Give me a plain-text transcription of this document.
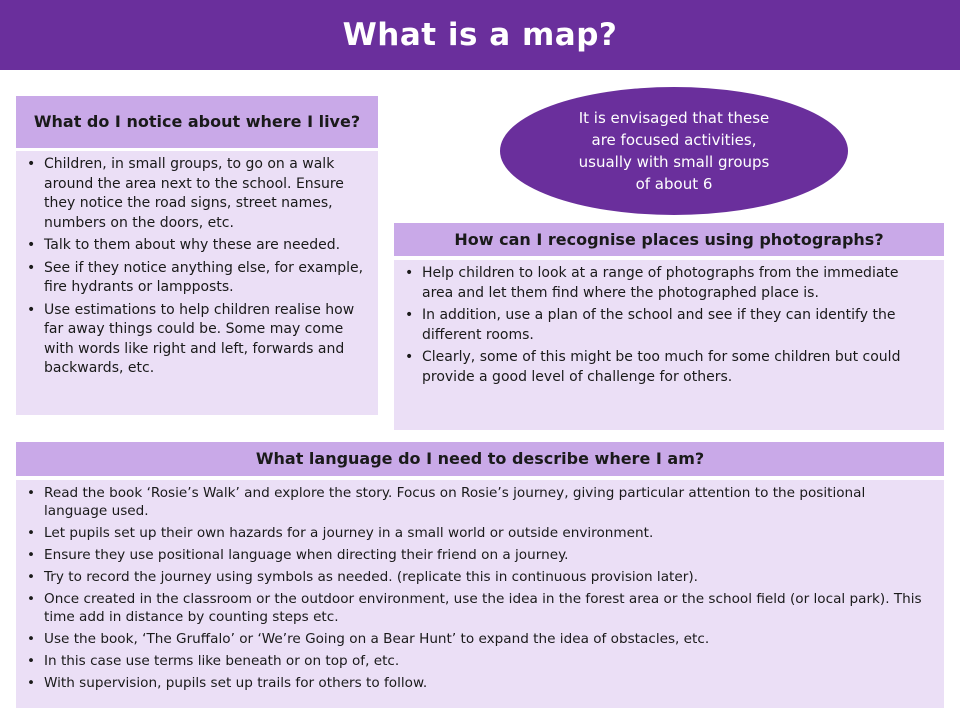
What is a map?
What do I notice about where I live?
• Children, in small groups, to go on a walk around the area next to the school. Ensure they notice the road signs, street names, numbers on the doors, etc.
• Talk to them about why these are needed.
• See if they notice anything else, for example, fire hydrants or lampposts.
• Use estimations to help children realise how far away things could be. Some may come with words like right and left, forwards and backwards, etc.
It is envisaged that these are focused activities, usually with small groups of about 6
How can I recognise places using photographs?
• Help children to look at a range of photographs from the immediate area and let them find where the photographed place is.
• In addition, use a plan of the school and see if they can identify the different rooms.
• Clearly, some of this might be too much for some children but could provide a good level of challenge for others.
What language do I need to describe where I am?
• Read the book ‘Rosie’s Walk’ and explore the story. Focus on Rosie’s journey, giving particular attention to the positional language used.
• Let pupils set up their own hazards for a journey in a small world or outside environment.
• Ensure they use positional language when directing their friend on a journey.
• Try to record the journey using symbols as needed. (replicate this in continuous provision later).
• Once created in the classroom or the outdoor environment, use the idea in the forest area or the school field (or local park). This time add in distance by counting steps etc.
• Use the book, ‘The Gruffalo’ or ‘We’re Going on a Bear Hunt’ to expand the idea of obstacles, etc.
• In this case use terms like beneath or on top of, etc.
• With supervision, pupils set up trails for others to follow.
